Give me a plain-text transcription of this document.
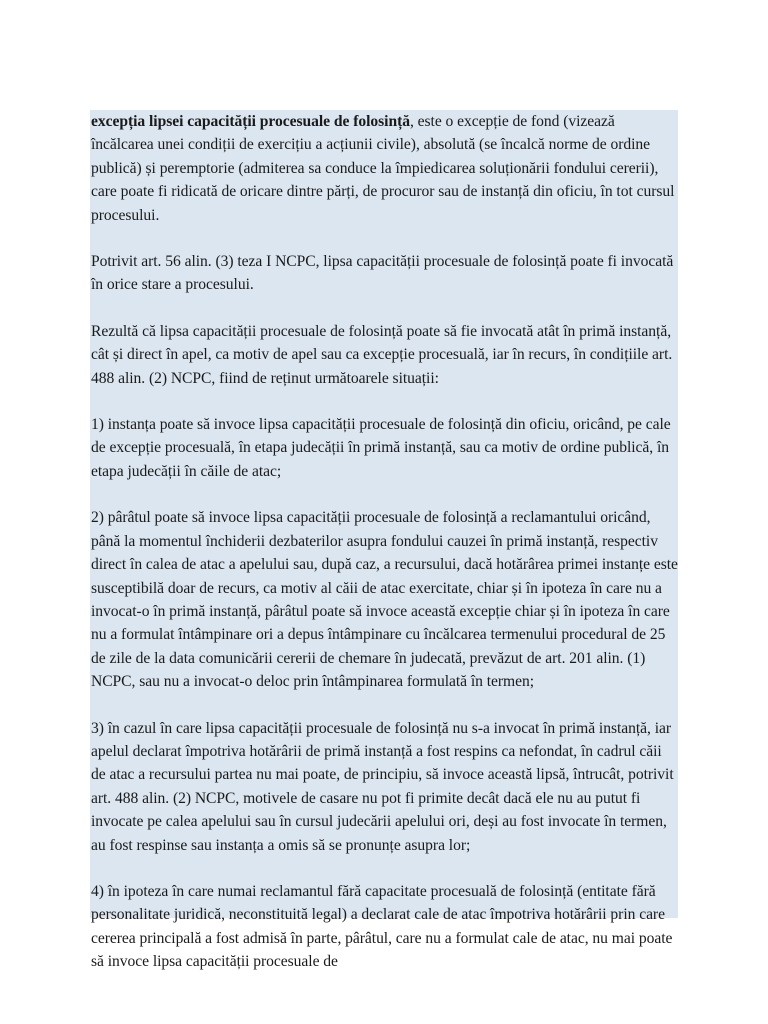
excepția lipsei capacității procesuale de folosință, este o excepție de fond (vizează încălcarea unei condiții de exercițiu a acțiunii civile), absolută (se încalcă norme de ordine publică) și peremptorie (admiterea sa conduce la împiedicarea soluționării fondului cererii), care poate fi ridicată de oricare dintre părți, de procuror sau de instanță din oficiu, în tot cursul procesului.

Potrivit art. 56 alin. (3) teza I NCPC, lipsa capacității procesuale de folosință poate fi invocată în orice stare a procesului.

Rezultă că lipsa capacității procesuale de folosință poate să fie invocată atât în primă instanță, cât și direct în apel, ca motiv de apel sau ca excepție procesuală, iar în recurs, în condițiile art. 488 alin. (2) NCPC, fiind de reținut următoarele situații:

1) instanța poate să invoce lipsa capacității procesuale de folosință din oficiu, oricând, pe cale de excepție procesuală, în etapa judecății în primă instanță, sau ca motiv de ordine publică, în etapa judecății în căile de atac;

2) pârâtul poate să invoce lipsa capacității procesuale de folosință a reclamantului oricând, până la momentul închiderii dezbaterilor asupra fondului cauzei în primă instanță, respectiv direct în calea de atac a apelului sau, după caz, a recursului, dacă hotărârea primei instanțe este susceptibilă doar de recurs, ca motiv al căii de atac exercitate, chiar și în ipoteza în care nu a invocat-o în primă instanță, pârâtul poate să invoce această excepție chiar și în ipoteza în care nu a formulat întâmpinare ori a depus întâmpinare cu încălcarea termenului procedural de 25 de zile de la data comunicării cererii de chemare în judecată, prevăzut de art. 201 alin. (1) NCPC, sau nu a invocat-o deloc prin întâmpinarea formulată în termen;

3) în cazul în care lipsa capacității procesuale de folosință nu s-a invocat în primă instanță, iar apelul declarat împotriva hotărârii de primă instanță a fost respins ca nefondat, în cadrul căii de atac a recursului partea nu mai poate, de principiu, să invoce această lipsă, întrucât, potrivit art. 488 alin. (2) NCPC, motivele de casare nu pot fi primite decât dacă ele nu au putut fi invocate pe calea apelului sau în cursul judecării apelului ori, deși au fost invocate în termen, au fost respinse sau instanța a omis să se pronunțe asupra lor;

4) în ipoteza în care numai reclamantul fără capacitate procesuală de folosință (entitate fără personalitate juridică, neconstituită legal) a declarat cale de atac împotriva hotărârii prin care cererea principală a fost admisă în parte, pârâtul, care nu a formulat cale de atac, nu mai poate să invoce lipsa capacității procesuale de
